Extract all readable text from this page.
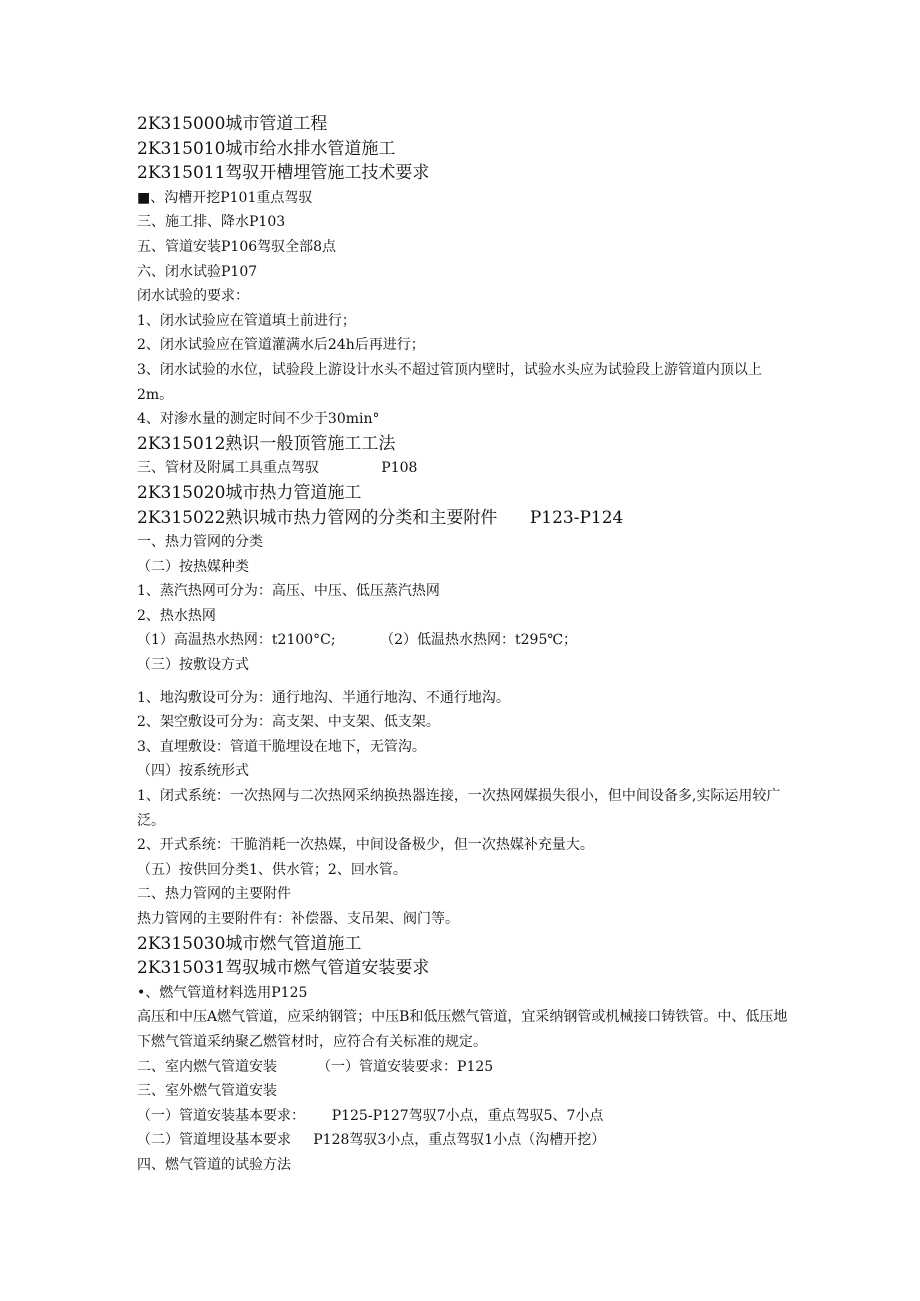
2K315000城市管道工程

2K315010城市给水排水管道施工

2K315011驾驭开槽埋管施工技术要求

■、沟槽开挖P101重点驾驭

三、施工排、降水P103

五、管道安装P106驾驭全部8点

六、闭水试验P107

闭水试验的要求：

1、闭水试验应在管道填土前进行；

2、闭水试验应在管道灌满水后24h后再进行；

3、闭水试验的水位，试验段上游设计水头不超过管顶内壁时，试验水头应为试验段上游管道内顶以上2m。

4、对渗水量的测定时间不少于30min°

2K315012熟识一般顶管施工工法

三、管材及附属工具重点驾驭              P108

2K315020城市热力管道施工

2K315022熟识城市热力管网的分类和主要附件      P123-P124

一、热力管网的分类

（二）按热媒种类

1、蒸汽热网可分为：高压、中压、低压蒸汽热网

2、热水热网

（1）高温热水热网：t2100°C;          （2）低温热水热网：t295℃；

（三）按敷设方式

1、地沟敷设可分为：通行地沟、半通行地沟、不通行地沟。

2、架空敷设可分为：高支架、中支架、低支架。

3、直埋敷设：管道干脆埋设在地下，无管沟。

（四）按系统形式

1、闭式系统：一次热网与二次热网采纳换热器连接，一次热网媒损失很小，但中间设备多,实际运用较广泛。

2、开式系统：干脆消耗一次热媒，中间设备极少，但一次热媒补充量大。

（五）按供回分类1、供水管；2、回水管。

二、热力管网的主要附件

热力管网的主要附件有：补偿器、支吊架、阀门等。

2K315030城市燃气管道施工

2K315031驾驭城市燃气管道安装要求

•、燃气管道材料选用P125

高压和中压A燃气管道，应采纳钢管；中压B和低压燃气管道，宜采纳钢管或机械接口铸铁管。中、低压地下燃气管道采纳聚乙燃管材时，应符合有关标准的规定。

二、室内燃气管道安装         （一）管道安装要求：P125

三、室外燃气管道安装

（一）管道安装基本要求：      P125-P127驾驭7小点，重点驾驭5、7小点

（二）管道埋设基本要求     P128驾驭3小点，重点驾驭1小点（沟槽开挖）

四、燃气管道的试验方法
